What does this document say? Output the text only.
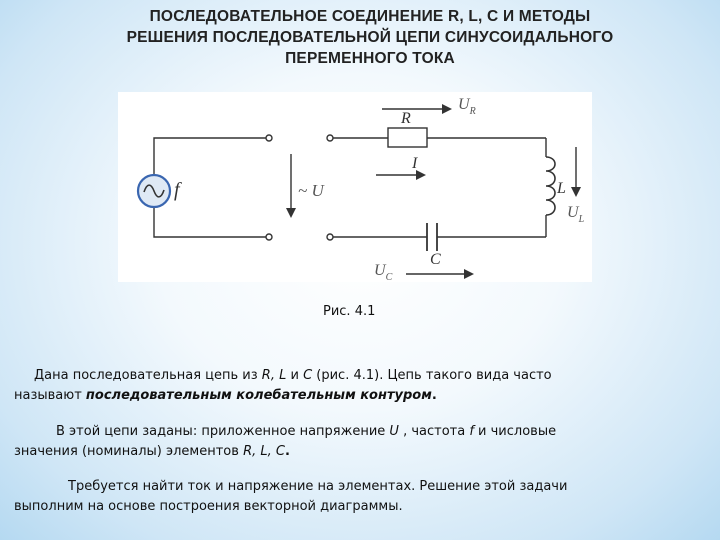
ПОСЛЕДОВАТЕЛЬНОЕ СОЕДИНЕНИЕ R, L, С И МЕТОДЫ
РЕШЕНИЯ ПОСЛЕДОВАТЕЛЬНОЙ ЦЕПИ СИНУСОИДАЛЬНОГО
ПЕРЕМЕННОГО ТОКА
f	~ U
R
$U_R$
I
L
$U_L$
C
$U_C$
Рис. 4.1
Дана последовательная цепь из R, L и С (рис. 4.1). Цепь такого вида часто
называют последовательным колебательным контуром.
В этой цепи заданы: приложенное напряжение U , частота f и числовые
значения (номиналы) элементов R, L, С.
Требуется найти ток и напряжение на элементах. Решение этой задачи
выполним на основе построения векторной диаграммы.
